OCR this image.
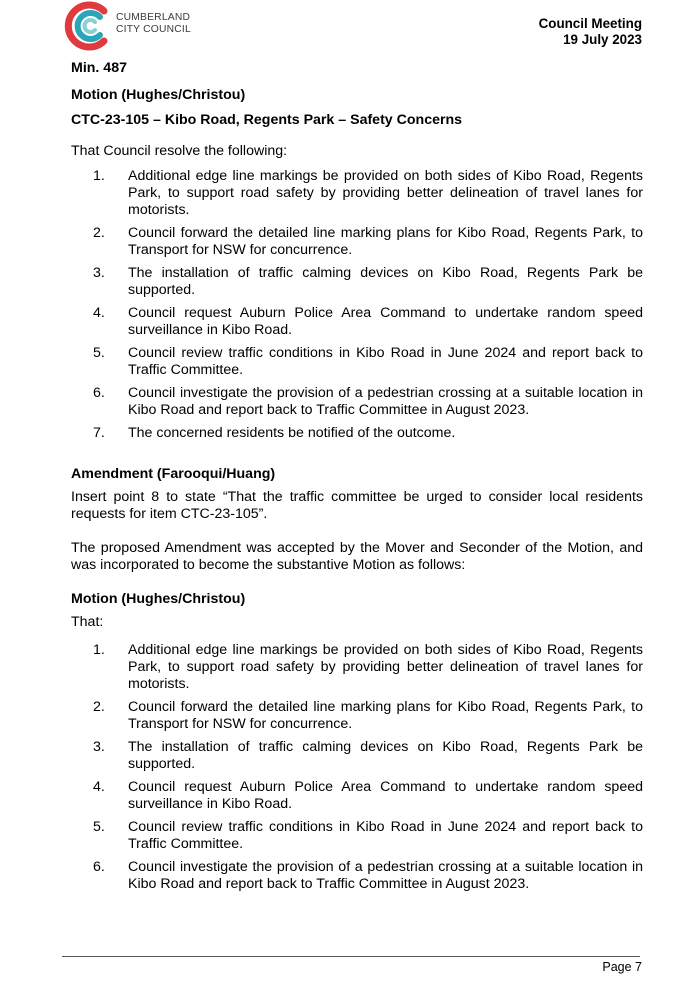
CUMBERLAND
CITY COUNCIL	Council Meeting
19 July 2023

Min. 487

Motion (Hughes/Christou)

CTC-23-105 – Kibo Road, Regents Park – Safety Concerns

That Council resolve the following:

1. Additional edge line markings be provided on both sides of Kibo Road, Regents Park, to support road safety by providing better delineation of travel lanes for motorists.
2. Council forward the detailed line marking plans for Kibo Road, Regents Park, to Transport for NSW for concurrence.
3. The installation of traffic calming devices on Kibo Road, Regents Park be supported.
4. Council request Auburn Police Area Command to undertake random speed surveillance in Kibo Road.
5. Council review traffic conditions in Kibo Road in June 2024 and report back to Traffic Committee.
6. Council investigate the provision of a pedestrian crossing at a suitable location in Kibo Road and report back to Traffic Committee in August 2023.
7. The concerned residents be notified of the outcome.

Amendment (Farooqui/Huang)

Insert point 8 to state “That the traffic committee be urged to consider local residents requests for item CTC-23-105”.

The proposed Amendment was accepted by the Mover and Seconder of the Motion, and was incorporated to become the substantive Motion as follows:

Motion (Hughes/Christou)

That:

1. Additional edge line markings be provided on both sides of Kibo Road, Regents Park, to support road safety by providing better delineation of travel lanes for motorists.
2. Council forward the detailed line marking plans for Kibo Road, Regents Park, to Transport for NSW for concurrence.
3. The installation of traffic calming devices on Kibo Road, Regents Park be supported.
4. Council request Auburn Police Area Command to undertake random speed surveillance in Kibo Road.
5. Council review traffic conditions in Kibo Road in June 2024 and report back to Traffic Committee.
6. Council investigate the provision of a pedestrian crossing at a suitable location in Kibo Road and report back to Traffic Committee in August 2023.
Page 7
